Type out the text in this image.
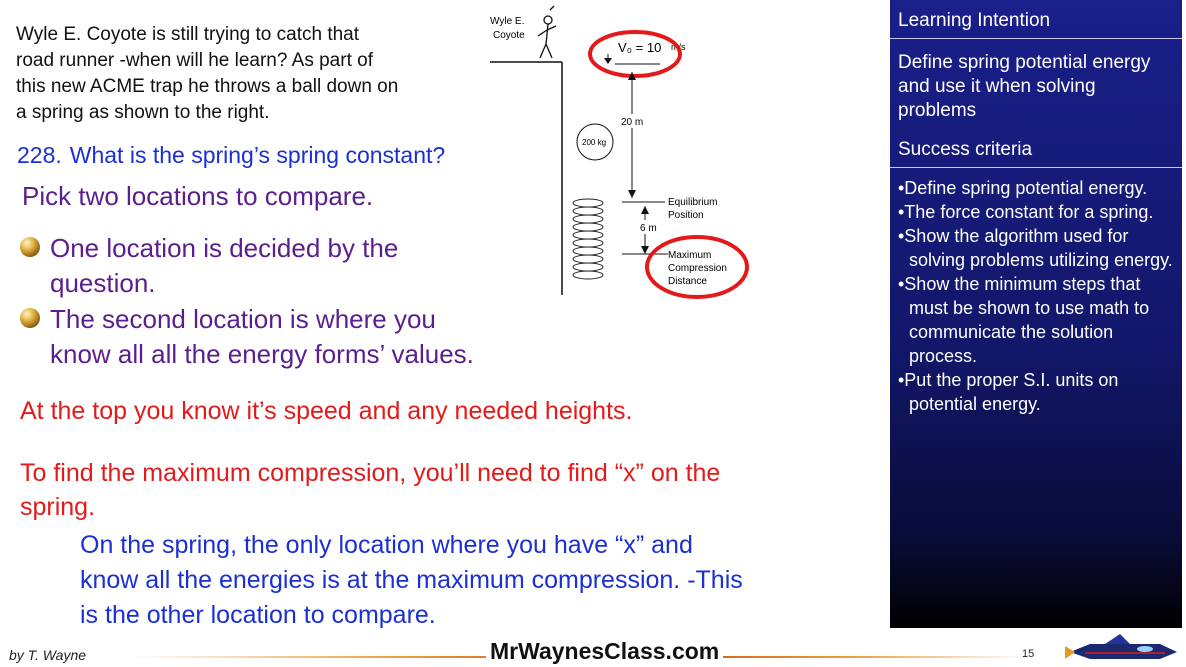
Wyle E. Coyote is still trying to catch that
road runner -when will he learn? As part of
this new ACME trap he throws a ball down on
a spring as shown to the right.
228. What is the spring’s spring constant?
Pick two locations to compare.
One location is decided by the
question.
The second location is where you
know all all the energy forms’ values.
At the top you know it’s speed and any needed heights.
To find the maximum compression, you’ll need to find “x” on the
spring.
On the spring, the only location where you have “x” and
know all the energies is at the maximum compression. -This
is the other location to compare.
Wyle E.
Coyote
V₀ = 10 m/s
20 m
200 kg
Equilibrium
Position
6 m
Maximum
Compression
Distance
Learning Intention
Define spring potential energy and use it when solving problems
Success criteria
•Define spring potential energy.
•The force constant for a spring.
•Show the algorithm used for solving problems utilizing energy.
•Show the minimum steps that must be shown to use math to communicate the solution process.
•Put the proper S.I. units on potential energy.
by T. Wayne	MrWaynesClass.com	15
